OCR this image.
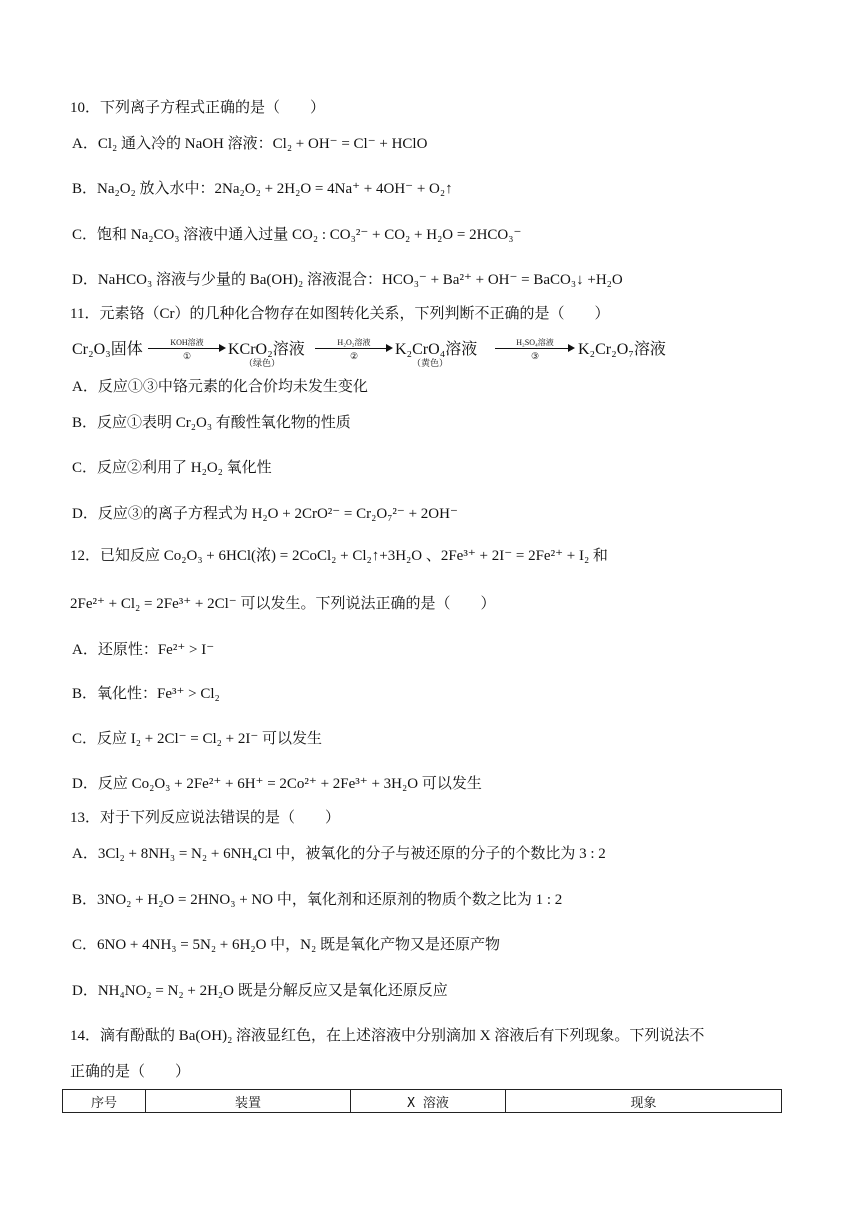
10．下列离子方程式正确的是（　　）
A．Cl₂ 通入冷的 NaOH 溶液：Cl₂ + OH⁻ = Cl⁻ + HClO
B．Na₂O₂ 放入水中：2Na₂O₂ + 2H₂O = 4Na⁺ + 4OH⁻ + O₂↑
C．饱和 Na₂CO₃ 溶液中通入过量 CO₂ : CO₃²⁻ + CO₂ + H₂O = 2HCO₃⁻
D．NaHCO₃ 溶液与少量的 Ba(OH)₂ 溶液混合：HCO₃⁻ + Ba²⁺ + OH⁻ = BaCO₃↓ +H₂O
11．元素铬（Cr）的几种化合物存在如图转化关系，下列判断不正确的是（　　）
Cr₂O₃固体	KOH溶液
①	KCrO₂溶液
（绿色）
H₂O₂溶液
②	K₂CrO₄溶液
（黄色）
H₂SO₄溶液
③	K₂Cr₂O₇溶液
A．反应①③中铬元素的化合价均未发生变化
B．反应①表明 Cr₂O₃ 有酸性氧化物的性质
C．反应②利用了 H₂O₂ 氧化性
D．反应③的离子方程式为 H₂O + 2CrO²⁻ = Cr₂O₇²⁻ + 2OH⁻
12．已知反应 Co₂O₃ + 6HCl(浓) = 2CoCl₂ + Cl₂↑+3H₂O 、2Fe³⁺ + 2I⁻ = 2Fe²⁺ + I₂ 和
2Fe²⁺ + Cl₂ = 2Fe³⁺ + 2Cl⁻ 可以发生。下列说法正确的是（　　）
A．还原性：Fe²⁺ > I⁻
B．氧化性：Fe³⁺ > Cl₂
C．反应 I₂ + 2Cl⁻ = Cl₂ + 2I⁻ 可以发生
D．反应 Co₂O₃ + 2Fe²⁺ + 6H⁺ = 2Co²⁺ + 2Fe³⁺ + 3H₂O 可以发生
13．对于下列反应说法错误的是（　　）
A．3Cl₂ + 8NH₃ = N₂ + 6NH₄Cl 中，被氧化的分子与被还原的分子的个数比为 3 : 2
B．3NO₂ + H₂O = 2HNO₃ + NO 中，氧化剂和还原剂的物质个数之比为 1 : 2
C．6NO + 4NH₃ = 5N₂ + 6H₂O 中，N₂ 既是氧化产物又是还原产物
D．NH₄NO₂ = N₂ + 2H₂O 既是分解反应又是氧化还原反应
14．滴有酚酞的 Ba(OH)₂ 溶液显红色，在上述溶液中分别滴加 X 溶液后有下列现象。下列说法不
正确的是（　　）
序号	装置	X 溶液	现象
